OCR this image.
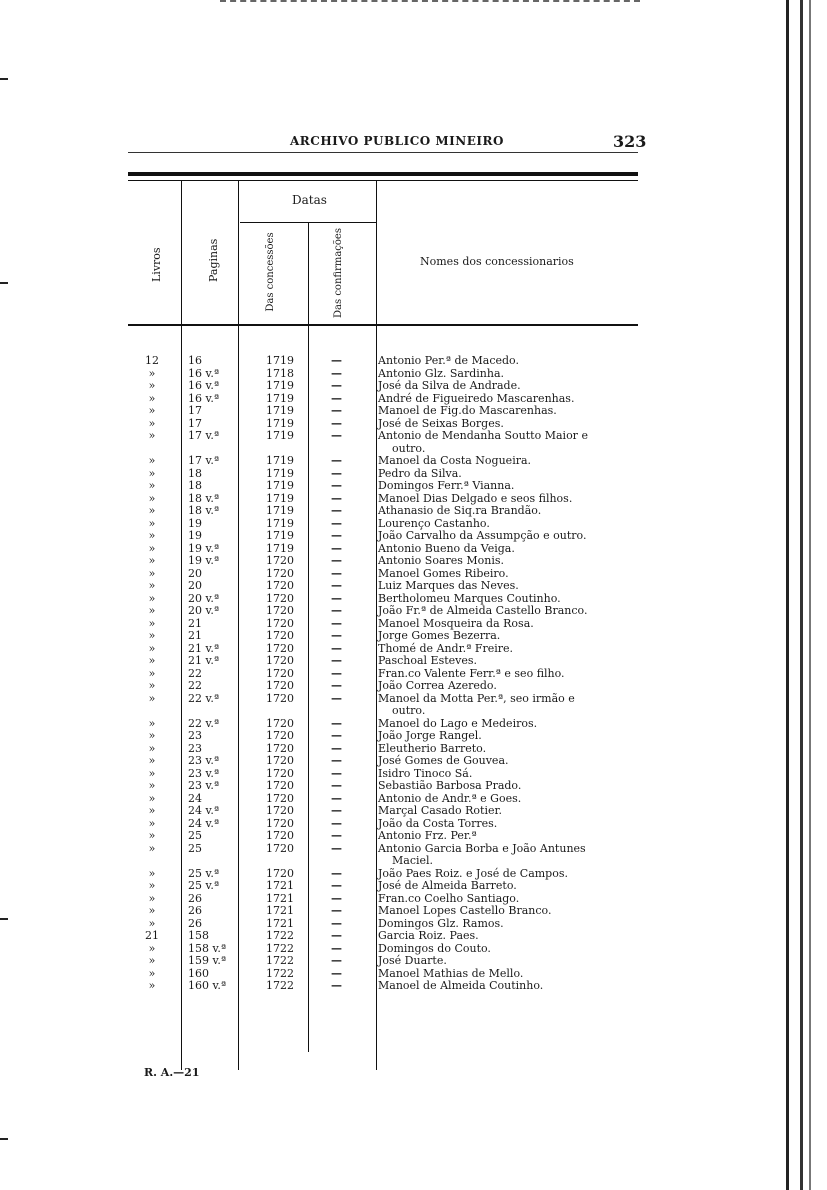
ARCHIVO PUBLICO MINEIRO	323
Datas
Livros	Paginas	Das concessões	Das confirmações	Nomes dos concessionarios
12	16	1719	—	Antonio Per.ª de Macedo.
»	16 v.ª	1718	—	Antonio Glz. Sardinha.
»	16 v.ª	1719	—	José da Silva de Andrade.
»	16 v.ª	1719	—	André de Figueiredo Mascarenhas.
»	17	1719	—	Manoel de Fig.do Mascarenhas.
»	17	1719	—	José de Seixas Borges.
»	17 v.ª	1719	—	Antonio de Mendanha Soutto Maior e
outro.
»	17 v.ª	1719	—	Manoel da Costa Nogueira.
»	18	1719	—	Pedro da Silva.
»	18	1719	—	Domingos Ferr.ª Vianna.
»	18 v.ª	1719	—	Manoel Dias Delgado e seos filhos.
»	18 v.ª	1719	—	Athanasio de Siq.ra Brandão.
»	19	1719	—	Lourenço Castanho.
»	19	1719	—	João Carvalho da Assumpção e outro.
»	19 v.ª	1719	—	Antonio Bueno da Veiga.
»	19 v.ª	1720	—	Antonio Soares Monis.
»	20	1720	—	Manoel Gomes Ribeiro.
»	20	1720	—	Luiz Marques das Neves.
»	20 v.ª	1720	—	Bertholomeu Marques Coutinho.
»	20 v.ª	1720	—	João Fr.ª de Almeida Castello Branco.
»	21	1720	—	Manoel Mosqueira da Rosa.
»	21	1720	—	Jorge Gomes Bezerra.
»	21 v.ª	1720	—	Thomé de Andr.ª Freire.
»	21 v.ª	1720	—	Paschoal Esteves.
»	22	1720	—	Fran.co Valente Ferr.ª e seo filho.
»	22	1720	—	João Correa Azeredo.
»	22 v.ª	1720	—	Manoel da Motta Per.ª, seo irmão e
outro.
»	22 v.ª	1720	—	Manoel do Lago e Medeiros.
»	23	1720	—	João Jorge Rangel.
»	23	1720	—	Eleutherio Barreto.
»	23 v.ª	1720	—	José Gomes de Gouvea.
»	23 v.ª	1720	—	Isidro Tinoco Sá.
»	23 v.ª	1720	—	Sebastião Barbosa Prado.
»	24	1720	—	Antonio de Andr.ª e Goes.
»	24 v.ª	1720	—	Marçal Casado Rotier.
»	24 v.ª	1720	—	João da Costa Torres.
»	25	1720	—	Antonio Frz. Per.ª
»	25	1720	—	Antonio Garcia Borba e João Antunes
Maciel.
»	25 v.ª	1720	—	João Paes Roiz. e José de Campos.
»	25 v.ª	1721	—	José de Almeida Barreto.
»	26	1721	—	Fran.co Coelho Santiago.
»	26	1721	—	Manoel Lopes Castello Branco.
»	26	1721	—	Domingos Glz. Ramos.
21	158	1722	—	Garcia Roiz. Paes.
»	158 v.ª	1722	—	Domingos do Couto.
»	159 v.ª	1722	—	José Duarte.
»	160	1722	—	Manoel Mathias de Mello.
»	160 v.ª	1722	—	Manoel de Almeida Coutinho.
R. A.—21
